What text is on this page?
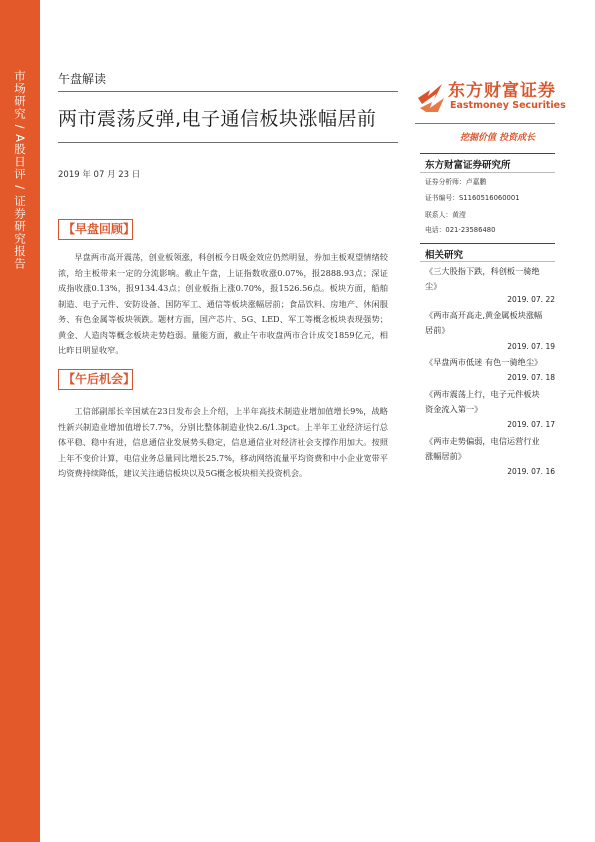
市场研究 / A股日评 / 证券研究报告	午盘解读
两市震荡反弹,电子通信板块涨幅居前
2019 年 07 月 23 日
【早盘回顾】
早盘两市高开震荡，创业板领涨，科创板今日吸金效应仍然明显，券加主板观望情绪较浓，给主板带来一定的分流影响。截止午盘，上证指数收涨0.07%，报2888.93点；深证成指收涨0.13%，报9134.43点；创业板指上涨0.70%，报1526.56点。板块方面，船舶制造、电子元件、安防设备、国防军工、通信等板块涨幅居前；食品饮料、房地产、休闲服务、有色金属等板块领跌。题材方面，国产芯片、5G、LED、军工等概念板块表现强势；黄金、人造肉等概念板块走势趋弱。量能方面，截止午市收盘两市合计成交1859亿元，相比昨日明显收窄。
【午后机会】
工信部副部长辛国斌在23日发布会上介绍，上半年高技术制造业增加值增长9%，战略性新兴制造业增加值增长7.7%，分别比整体制造业快2.6/1.3pct。上半年工业经济运行总体平稳、稳中有进，信息通信业发展势头稳定，信息通信业对经济社会支撑作用加大。按照上年不变价计算，电信业务总量同比增长25.7%，移动网络流量平均资费和中小企业宽带平均资费持续降低，建议关注通信板块以及5G概念板块相关投资机会。
东方财富证券
Eastmoney Securities
挖掘价值 投资成长
东方财富证券研究所
证券分析师：卢嘉鹏
证书编号：S1160516060001
联系人：黄滢
电话：021-23586480
相关研究
《三大股指下跌，科创板一骑绝尘》
2019. 07. 22
《两市高开高走,黄金属板块涨幅居前》
2019. 07. 19
《早盘两市低迷 有色一骑绝尘》
2019. 07. 18
《两市震荡上行，电子元件板块资金流入第一》
2019. 07. 17
《两市走势偏弱，电信运营行业涨幅居前》
2019. 07. 16
